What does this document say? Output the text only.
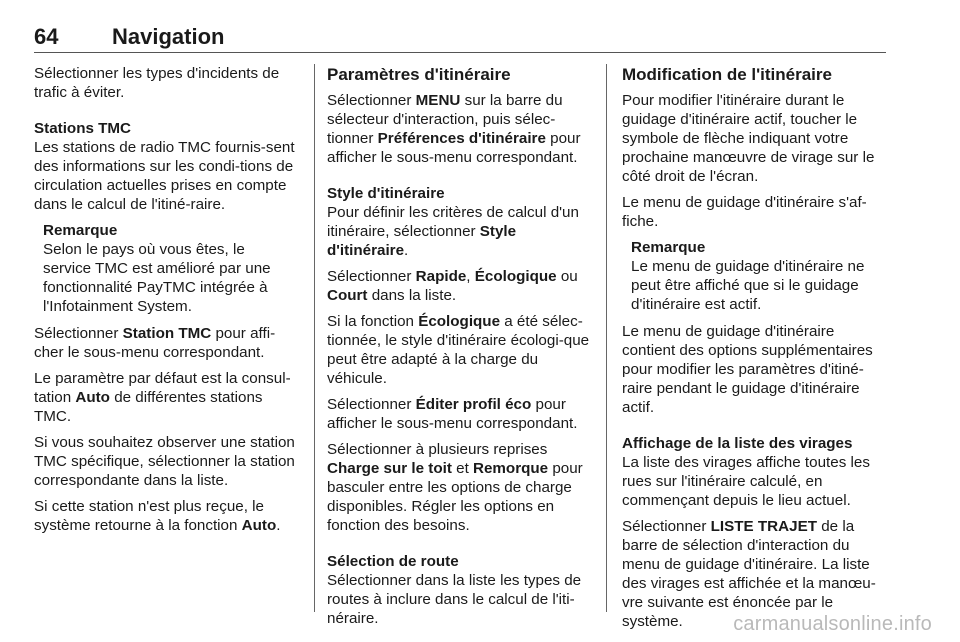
64 Navigation

Sélectionner les types d'incidents de trafic à éviter.

Stations TMC
Les stations de radio TMC fournis-sent des informations sur les condi-tions de circulation actuelles prises en compte dans le calcul de l'itiné-raire.

Remarque
Selon le pays où vous êtes, le service TMC est amélioré par une fonctionnalité PayTMC intégrée à l'Infotainment System.

Sélectionner Station TMC pour affi-cher le sous-menu correspondant.

Le paramètre par défaut est la consul-tation Auto de différentes stations TMC.

Si vous souhaitez observer une station TMC spécifique, sélectionner la station correspondante dans la liste.

Si cette station n'est plus reçue, le système retourne à la fonction Auto.

Paramètres d'itinéraire

Sélectionner MENU sur la barre du sélecteur d'interaction, puis sélec-tionner Préférences d'itinéraire pour afficher le sous-menu correspondant.

Style d'itinéraire
Pour définir les critères de calcul d'un itinéraire, sélectionner Style d'itinéraire.

Sélectionner Rapide, Écologique ou Court dans la liste.

Si la fonction Écologique a été sélec-tionnée, le style d'itinéraire écologi-que peut être adapté à la charge du véhicule.

Sélectionner Éditer profil éco pour afficher le sous-menu correspondant.

Sélectionner à plusieurs reprises Charge sur le toit et Remorque pour basculer entre les options de charge disponibles. Régler les options en fonction des besoins.

Sélection de route
Sélectionner dans la liste les types de routes à inclure dans le calcul de l'iti-néraire.

Modification de l'itinéraire

Pour modifier l'itinéraire durant le guidage d'itinéraire actif, toucher le symbole de flèche indiquant votre prochaine manœuvre de virage sur le côté droit de l'écran.

Le menu de guidage d'itinéraire s'af-fiche.

Remarque
Le menu de guidage d'itinéraire ne peut être affiché que si le guidage d'itinéraire est actif.

Le menu de guidage d'itinéraire contient des options supplémentaires pour modifier les paramètres d'itiné-raire pendant le guidage d'itinéraire actif.

Affichage de la liste des virages
La liste des virages affiche toutes les rues sur l'itinéraire calculé, en commençant depuis le lieu actuel.

Sélectionner LISTE TRAJET de la barre de sélection d'interaction du menu de guidage d'itinéraire. La liste des virages est affichée et la manœu-vre suivante est énoncée par le système.	carmanualsonline.info
